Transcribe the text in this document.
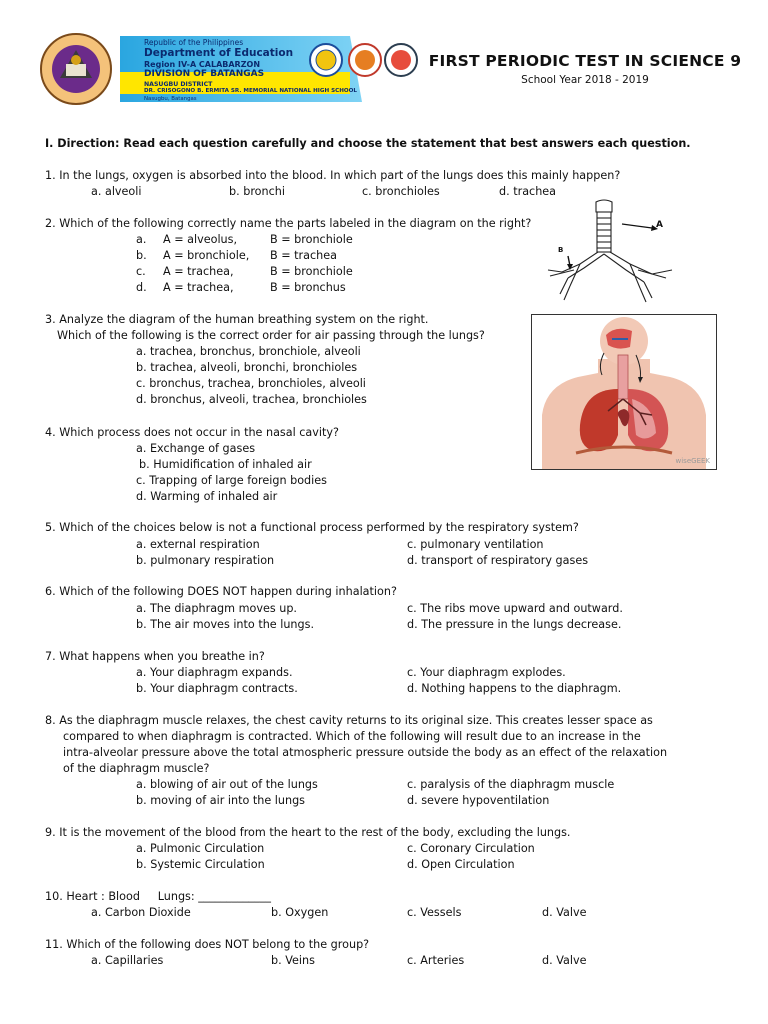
Republic of the Philippines
Department of Education
Region IV-A CALABARZON
DIVISION OF BATANGAS
NASUGBU DISTRICT
DR. CRISOGONO B. ERMITA SR. MEMORIAL NATIONAL HIGH SCHOOL
Nasugbu, Batangas
FIRST PERIODIC TEST IN SCIENCE 9
School Year 2018 - 2019
I. Direction: Read each question carefully and choose the statement that best answers each question.
1. In the lungs, oxygen is absorbed into the blood. In which part of the lungs does this mainly happen?
a. alveoli	b. bronchi	c. bronchioles	d. trachea
2. Which of the following correctly name the parts labeled in the diagram on the right?
a. A = alveolus,	B = bronchiole
b. A = bronchiole, B = trachea
c. A = trachea,	B = bronchiole
d. A = trachea,	B = bronchus
A
B
3. Analyze the diagram of the human breathing system on the right.
Which of the following is the correct order for air passing through the lungs?
a. trachea, bronchus, bronchiole, alveoli
b. trachea, alveoli, bronchi, bronchioles
c. bronchus, trachea, bronchioles, alveoli
d. bronchus, alveoli, trachea, bronchioles
wiseGEEK
4. Which process does not occur in the nasal cavity?
a. Exchange of gases
b. Humidification of inhaled air
c. Trapping of large foreign bodies
d. Warming of inhaled air
5. Which of the choices below is not a functional process performed by the respiratory system?
a. external respiration
b. pulmonary respiration
c. pulmonary ventilation
d. transport of respiratory gases
6. Which of the following DOES NOT happen during inhalation?
a. The diaphragm moves up.
b. The air moves into the lungs.
c. The ribs move upward and outward.
d. The pressure in the lungs decrease.
7. What happens when you breathe in?
a. Your diaphragm expands.
b. Your diaphragm contracts.
c. Your diaphragm explodes.
d. Nothing happens to the diaphragm.
8. As the diaphragm muscle relaxes, the chest cavity returns to its original size. This creates lesser space as
compared to when diaphragm is contracted. Which of the following will result due to an increase in the
intra-alveolar pressure above the total atmospheric pressure outside the body as an effect of the relaxation
of the diaphragm muscle?
a. blowing of air out of the lungs
b. moving of air into the lungs
c. paralysis of the diaphragm muscle
d. severe hypoventilation
9. It is the movement of the blood from the heart to the rest of the body, excluding the lungs.
a. Pulmonic Circulation
b. Systemic Circulation
c. Coronary Circulation
d. Open Circulation
10. Heart : Blood     Lungs: _____________
a. Carbon Dioxide	b. Oxygen	c. Vessels	d. Valve
11. Which of the following does NOT belong to the group?
a. Capillaries	b. Veins	c. Arteries	d. Valve
